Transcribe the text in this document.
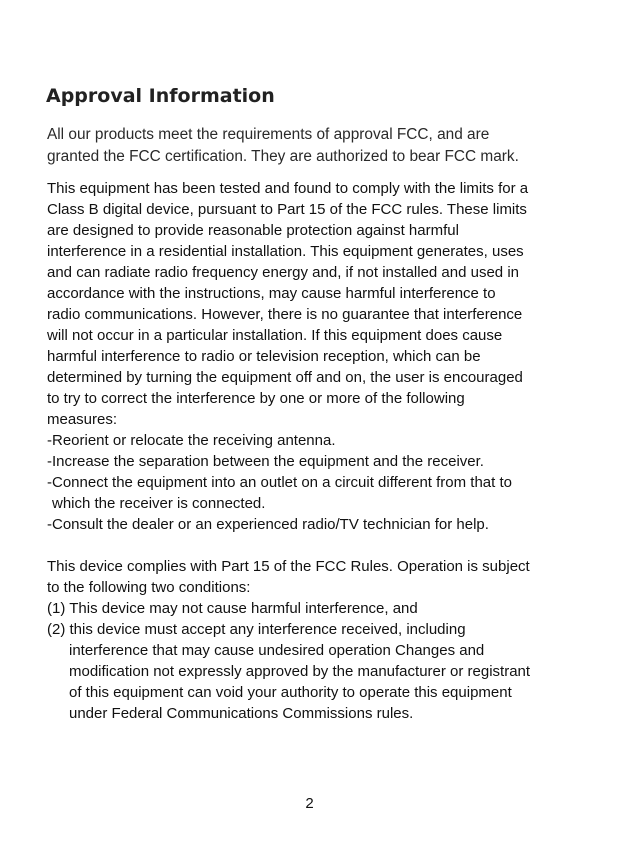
Approval Information

All our products meet the requirements of approval FCC, and are
granted the FCC certification. They are authorized to bear FCC mark.

This equipment has been tested and found to comply with the limits for a
Class B digital device, pursuant to Part 15 of the FCC rules. These limits
are designed to provide reasonable protection against harmful
interference in a residential installation. This equipment generates, uses
and can radiate radio frequency energy and, if not installed and used in
accordance with the instructions, may cause harmful interference to
radio communications. However, there is no guarantee that interference
will not occur in a particular installation. If this equipment does cause
harmful interference to radio or television reception, which can be
determined by turning the equipment off and on, the user is encouraged
to try to correct the interference by one or more of the following
measures:
-Reorient or relocate the receiving antenna.
-Increase the separation between the equipment and the receiver.
-Connect the equipment into an outlet on a circuit different from that to
which the receiver is connected.
-Consult the dealer or an experienced radio/TV technician for help.
This device complies with Part 15 of the FCC Rules. Operation is subject
to the following two conditions:
(1) This device may not cause harmful interference, and
(2) this device must accept any interference received, including
interference that may cause undesired operation Changes and
modification not expressly approved by the manufacturer or registrant
of this equipment can void your authority to operate this equipment
under Federal Communications Commissions rules.
2
